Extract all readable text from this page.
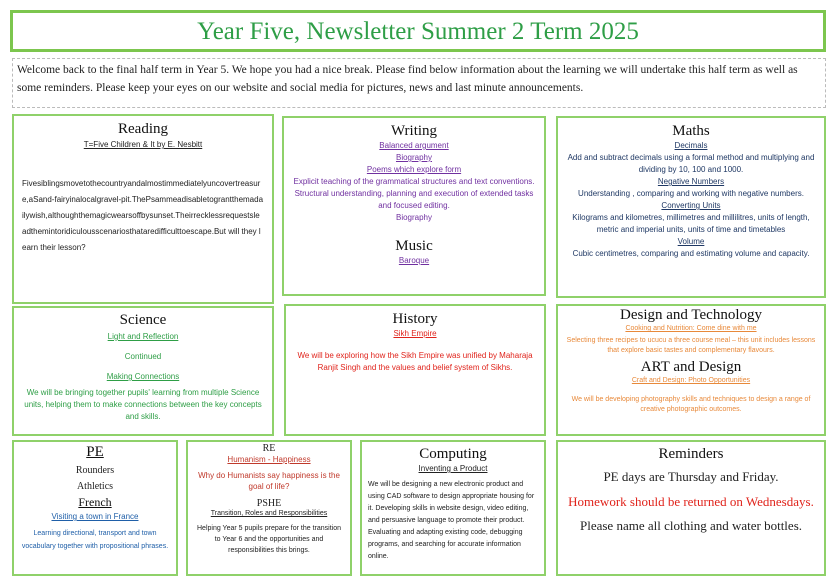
Year Five, Newsletter Summer 2 Term 2025

Welcome back to the final half term in Year 5. We hope you had a nice break. Please find below information about the learning we will undertake this half term as well as some reminders. Please keep your eyes on our website and social media for pictures, news and last minute announcements.

Reading
T=Five Children & It by E. Nesbitt

Fivesiblingsmovetothecountryandalmostimmediatelyuncovertreasure,aSand-fairyinalocalgravel-pit.ThePsammeadisabletograntthemadailywish,althoughthemagicwearsoffbysunset.Theirrecklessrequestsleadthemintoridiculousscenariosthataredifficulttoescape.But will they learn their lesson?

Writing
Balanced argument
Biography
Poems which explore form

Explicit teaching of the grammatical structures and text conventions. Structural understanding, planning and execution of extended tasks and focused editing.

Biography
Music
Baroque
Maths
Decimals

Add and subtract decimals using a formal method and multiplying and dividing by 10, 100 and 1000.

Negative Numbers

Understanding , comparing and working with negative numbers.

Converting Units

Kilograms and kilometres, millimetres and millilitres, units of length, metric and imperial units, units of time and timetables

Volume

Cubic centimetres, comparing and estimating volume and capacity.

Science
Light and Reflection
Continued
Making Connections

We will be bringing together pupils' learning from multiple Science units, helping them to make connections between the key concepts and skills.

History
Sikh Empire

We will be exploring how the Sikh Empire was unified by Maharaja Ranjit Singh and the values and belief system of Sikhs.

Design and Technology
Cooking and Nutrition: Come dine with me

Selecting three recipes to ucucu a three course meal – this unit includes lessons that explore basic tastes and complementary flavours.

ART and Design
Craft and Design: Photo Opportunities

We will be developing photography skills and techniques to design a range of creative photographic outcomes.

PE
Rounders
Athletics
French
Visiting a town in France

Learning directional, transport and town vocabulary together with propositional phrases.

RE
Humanism - Happiness

Why do Humanists say happiness is the goal of life?

PSHE
Transition, Roles and Responsibilities

Helping Year 5 pupils prepare for the transition to Year 6 and the opportunities and responsibilities this brings.

Computing
Inventing a Product

We will be designing a new electronic product and using CAD software to design appropriate housing for it. Developing skills in website design, video editing, and persuasive language to promote their product. Evaluating and adapting existing code, debugging programs, and searching for accurate information online.

Reminders
PE days are Thursday and Friday.
Homework should be returned on Wednesdays.
Please name all clothing and water bottles.
